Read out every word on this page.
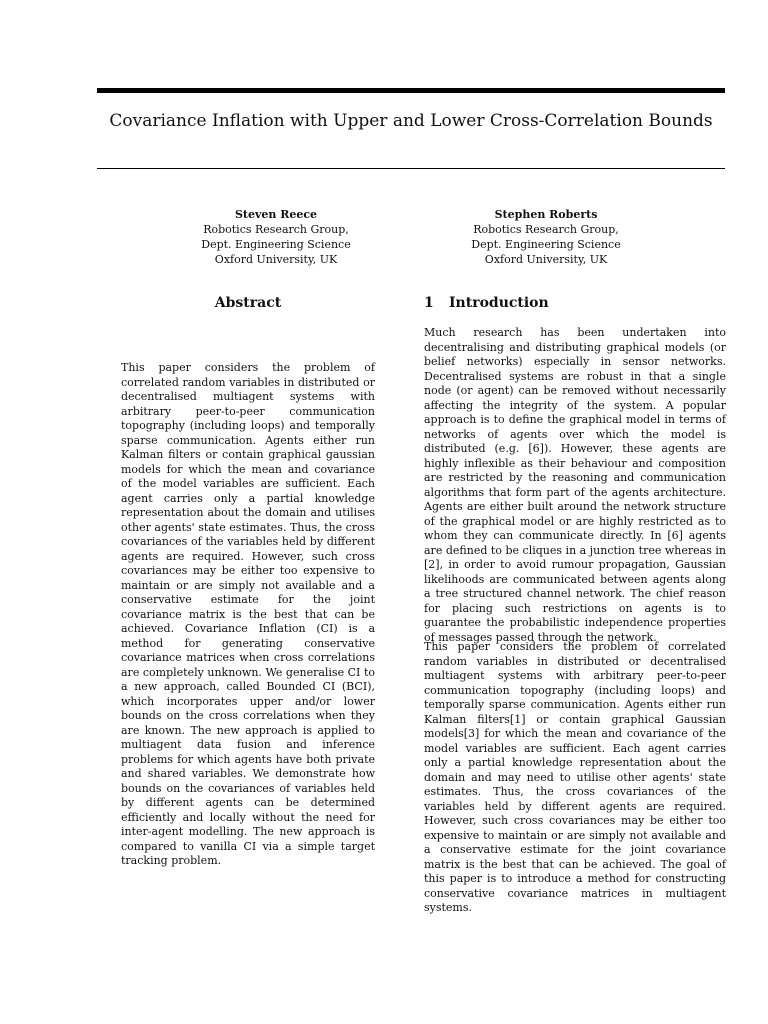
Covariance Inflation with Upper and Lower Cross-Correlation Bounds
Steven Reece
Robotics Research Group,
Dept. Engineering Science
Oxford University, UK
Stephen Roberts
Robotics Research Group,
Dept. Engineering Science
Oxford University, UK
Abstract

This paper considers the problem of correlated random variables in distributed or decentralised multiagent systems with arbitrary peer-to-peer communication topography (including loops) and temporally sparse communication. Agents either run Kalman filters or contain graphical gaussian models for which the mean and covariance of the model variables are sufficient. Each agent carries only a partial knowledge representation about the domain and utilises other agents' state estimates. Thus, the cross covariances of the variables held by different agents are required. However, such cross covariances may be either too expensive to maintain or are simply not available and a conservative estimate for the joint covariance matrix is the best that can be achieved. Covariance Inflation (CI) is a method for generating conservative covariance matrices when cross correlations are completely unknown. We generalise CI to a new approach, called Bounded CI (BCI), which incorporates upper and/or lower bounds on the cross correlations when they are known. The new approach is applied to multiagent data fusion and inference problems for which agents have both private and shared variables. We demonstrate how bounds on the covariances of variables held by different agents can be determined efficiently and locally without the need for inter-agent modelling. The new approach is compared to vanilla CI via a simple target tracking problem.

1 Introduction

Much research has been undertaken into decentralising and distributing graphical models (or belief networks) especially in sensor networks. Decentralised systems are robust in that a single node (or agent) can be removed without necessarily affecting the integrity of the system. A popular approach is to define the graphical model in terms of networks of agents over which the model is distributed (e.g. [6]). However, these agents are highly inflexible as their behaviour and composition are restricted by the reasoning and communication algorithms that form part of the agents architecture. Agents are either built around the network structure of the graphical model or are highly restricted as to whom they can communicate directly. In [6] agents are defined to be cliques in a junction tree whereas in [2], in order to avoid rumour propagation, Gaussian likelihoods are communicated between agents along a tree structured channel network. The chief reason for placing such restrictions on agents is to guarantee the probabilistic independence properties of messages passed through the network.

This paper considers the problem of correlated random variables in distributed or decentralised multiagent systems with arbitrary peer-to-peer communication topography (including loops) and temporally sparse communication. Agents either run Kalman filters[1] or contain graphical Gaussian models[3] for which the mean and covariance of the model variables are sufficient. Each agent carries only a partial knowledge representation about the domain and may need to utilise other agents' state estimates. Thus, the cross covariances of the variables held by different agents are required. However, such cross covariances may be either too expensive to maintain or are simply not available and a conservative estimate for the joint covariance matrix is the best that can be achieved. The goal of this paper is to introduce a method for constructing conservative covariance matrices in multiagent systems.
